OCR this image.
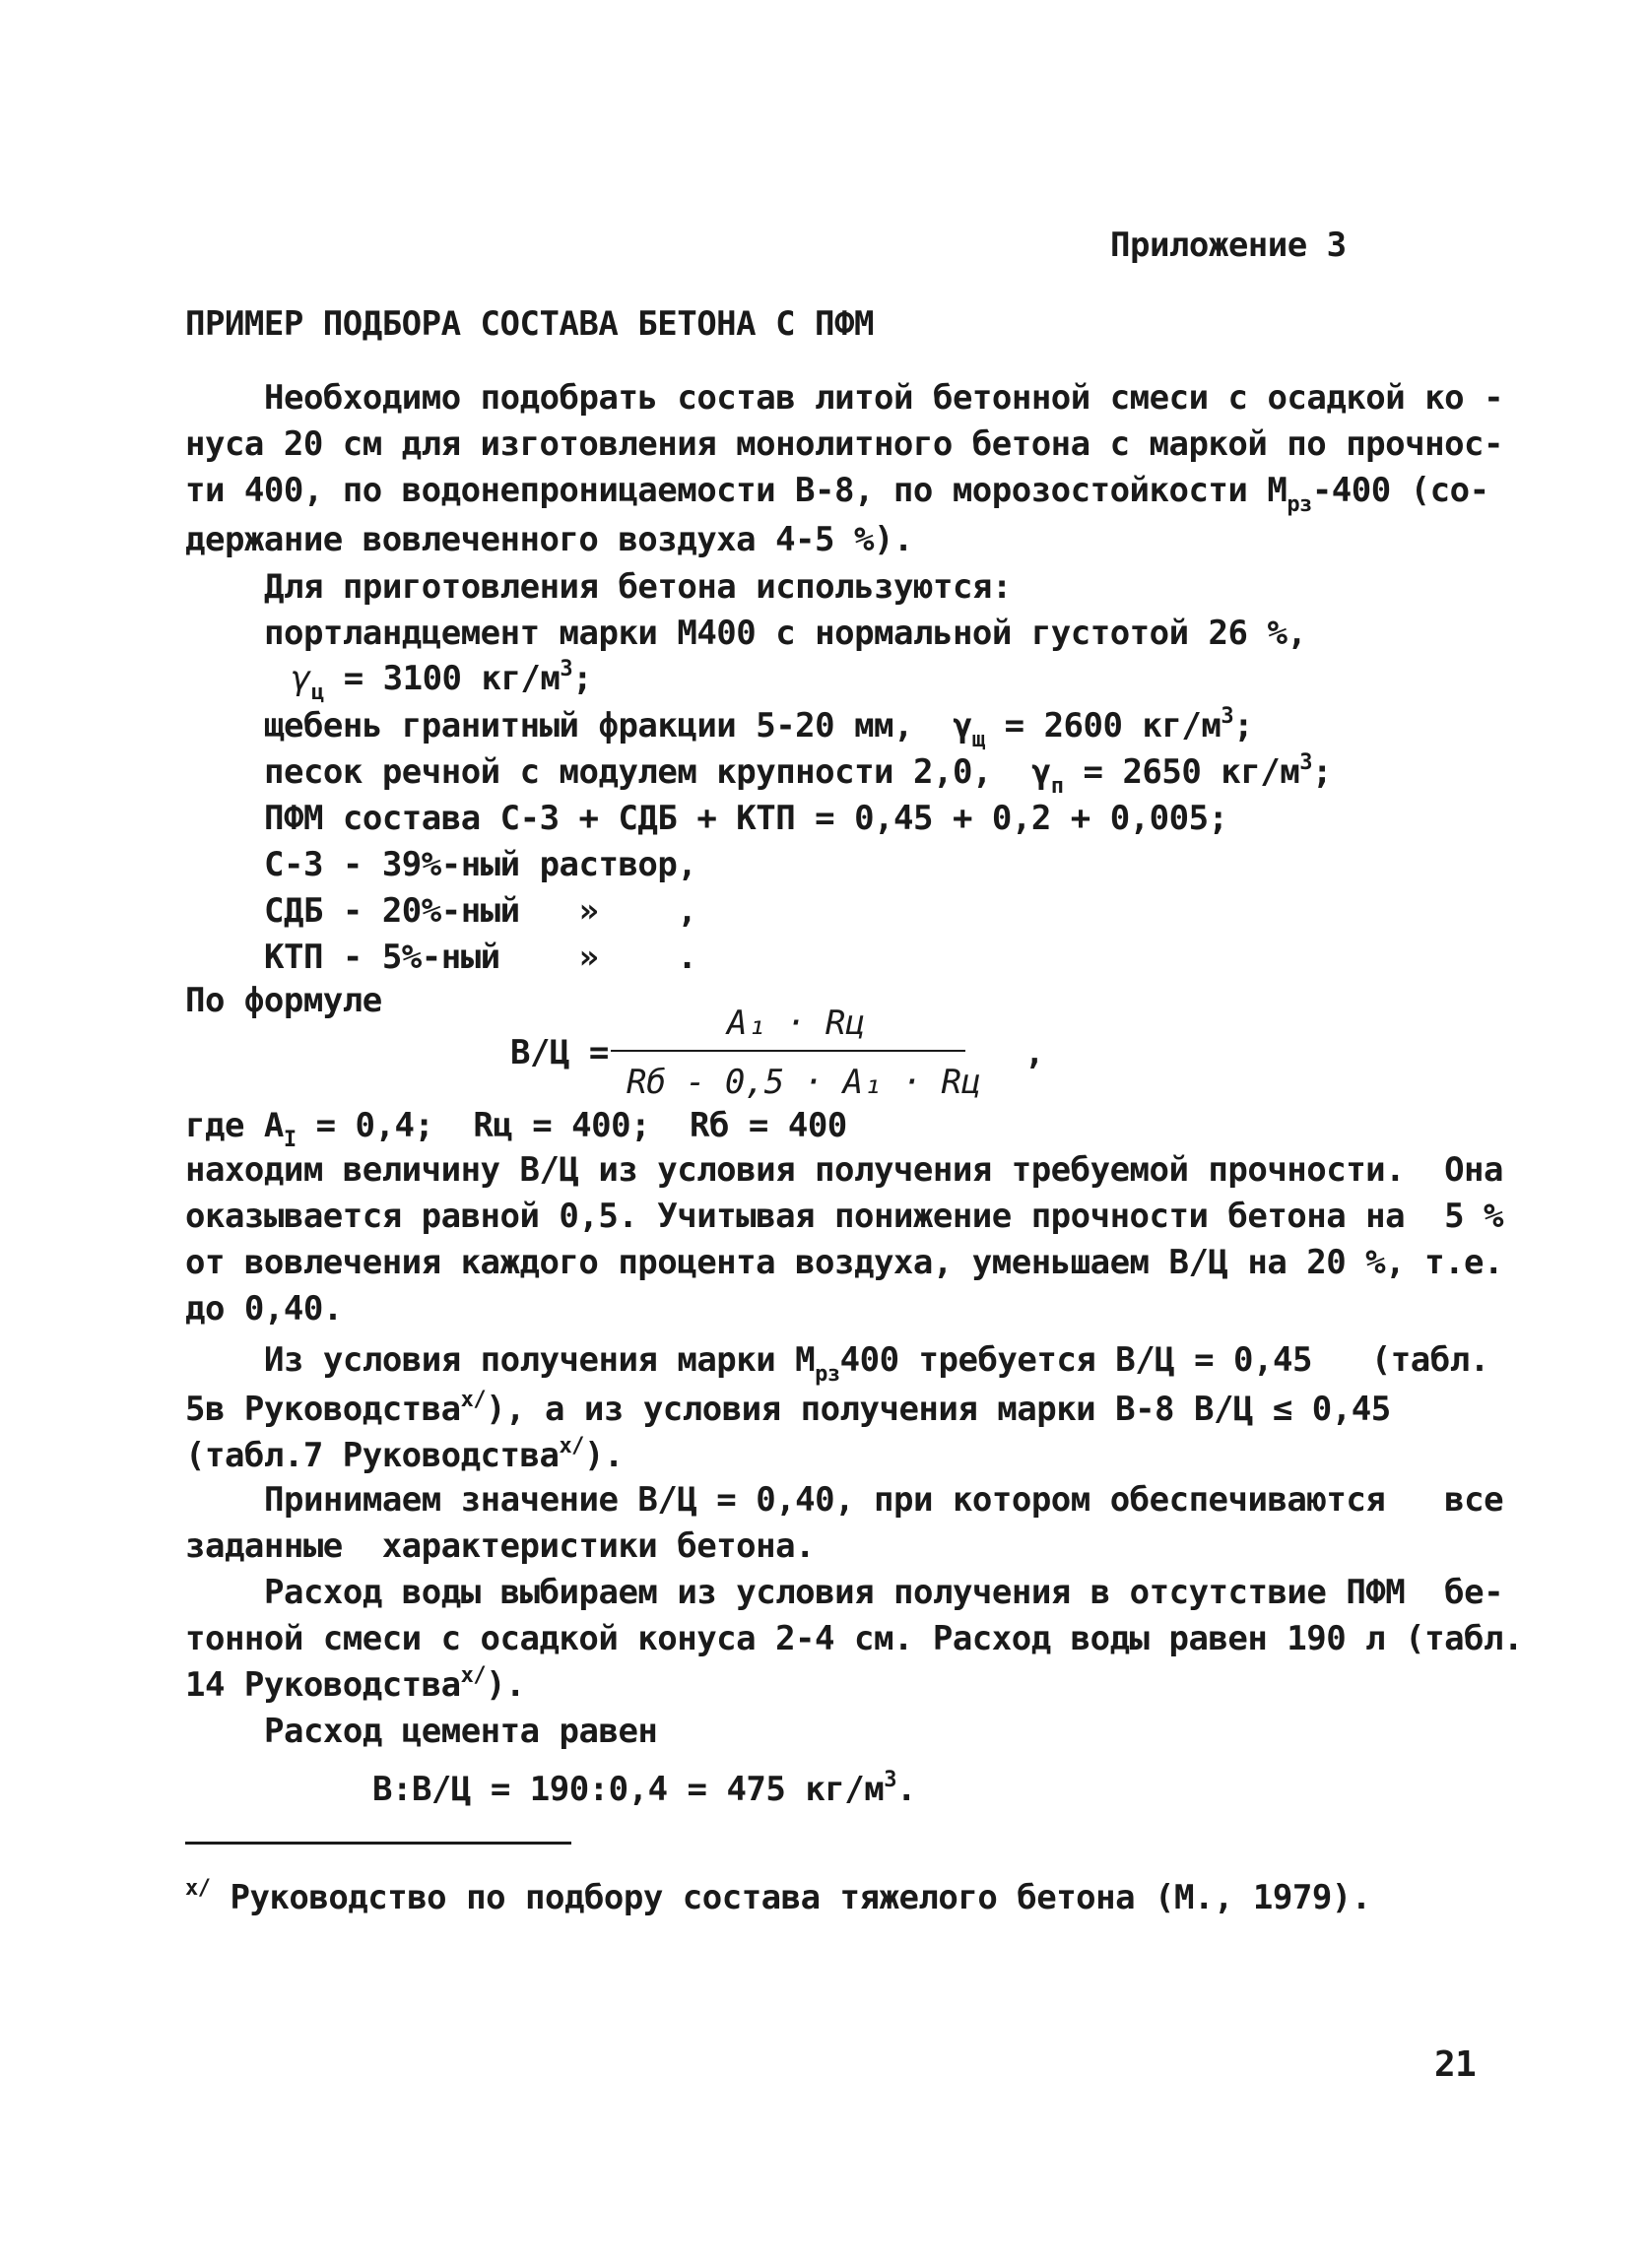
Приложение 3
ПРИМЕР ПОДБОРА СОСТАВА БЕТОНА С ПФМ
Необходимо подобрать состав литой бетонной смеси с осадкой ко -
нуса 20 см для изготовления монолитного бетона с маркой по прочнос-
ти 400, по водонепроницаемости В-8, по морозостойкости $М_{рз}-400$ (со-
держание вовлеченного воздуха 4-5 %).
Для приготовления бетона используются:
портландцемент марки М400 с нормальной густотой 26 %,
$\gamma_ц = 3100$ $кг/м^3$;
щебень гранитный фракции 5-20 мм,  $\gamma_щ = 2600$ $кг/м^3$;
песок речной с модулем крупности 2,0,  $\gamma_п = 2650$ $кг/м^3$;
ПФМ состава С-3 + СДБ + КТП = 0,45 + 0,2 + 0,005;
С-3 - 39%-ный раствор,
СДБ - 20%-ный   »    ,
КТП - 5%-ный    »    .
По формуле
В/Ц =
A₁ · Rц
Rб - 0,5 · A₁ · Rц
,
где $A_I = 0,4$;  Rц = 400;  Rб = 400
находим величину В/Ц из условия получения требуемой прочности.  Она
оказывается равной 0,5. Учитывая понижение прочности бетона на  5 %
от вовлечения каждого процента воздуха, уменьшаем В/Ц на 20 %, т.е.
до 0,40.
Из условия получения марки $М_{рз}400$ требуется В/Ц = 0,45   (табл.
5в Руководства$^{x/}$), а из условия получения марки В-8 В/Ц ≤ 0,45
(табл.7 Руководства$^{x/}$).
Принимаем значение В/Ц = 0,40, при котором обеспечиваются   все
заданные  характеристики бетона.
Расход воды выбираем из условия получения в отсутствие ПФМ  бе-
тонной смеси с осадкой конуса 2-4 см. Расход воды равен 190 л (табл.
14 Руководства$^{x/}$).
Расход цемента равен
В:В/Ц = 190:0,4 = 475 $кг/м^3$.
$^{x/}$ Руководство по подбору состава тяжелого бетона (М., 1979).
21
